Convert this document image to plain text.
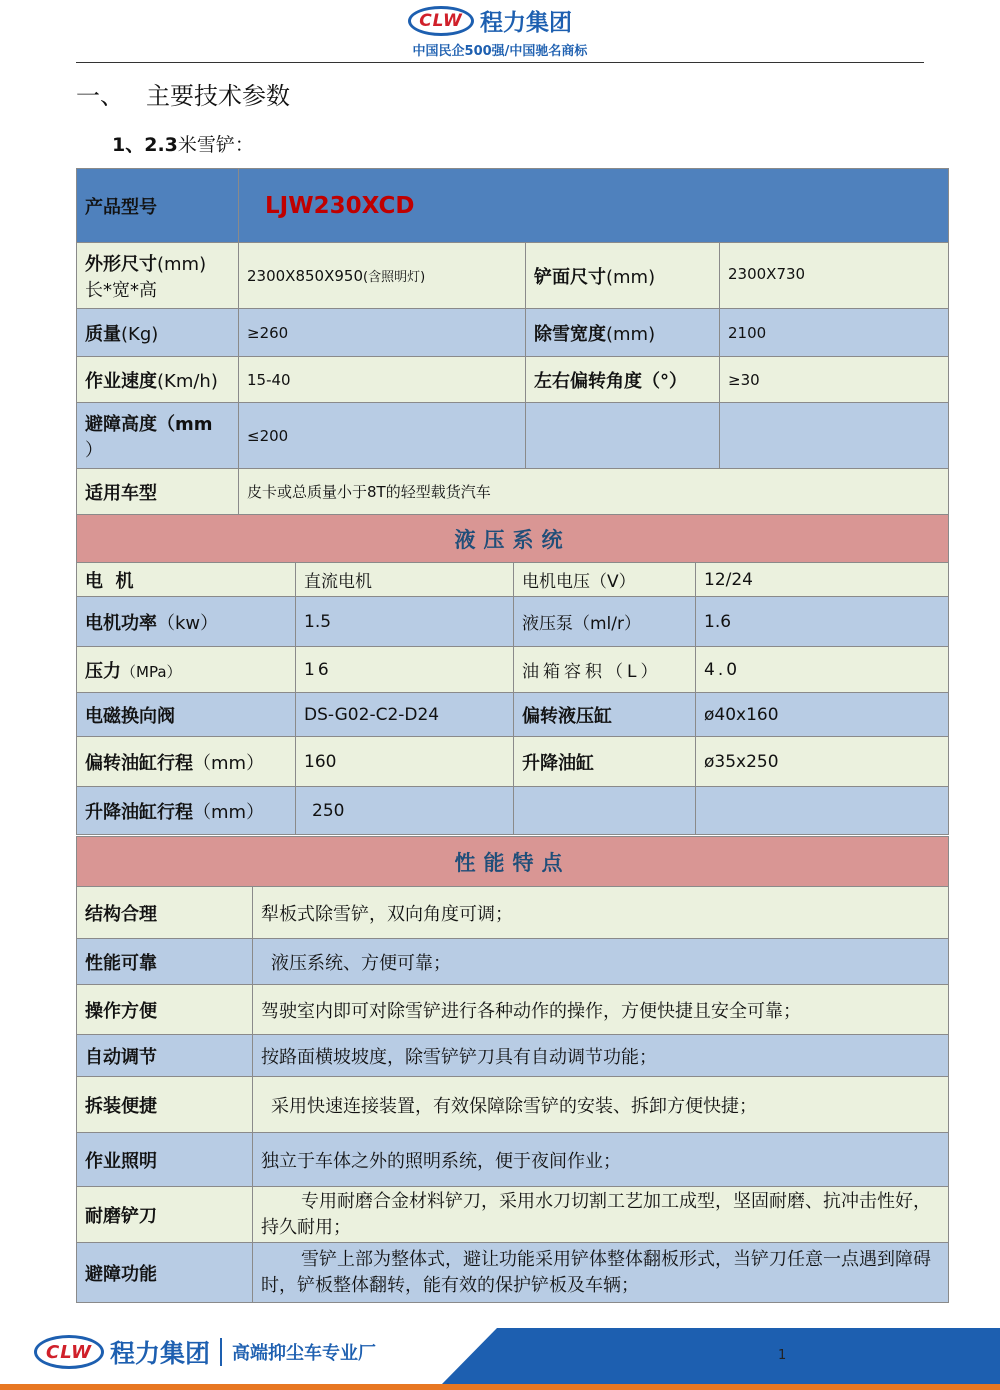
CLW 程力集团
中国民企500强/中国驰名商标
一、 主要技术参数
1、2.3米雪铲：
产品型号	LJW230XCD		
外形尺寸(mm)
长*宽*高	2300X850X950(含照明灯)	铲面尺寸(mm)	2300X730
质量(Kg)	≥260	除雪宽度(mm)	2100
作业速度(Km/h)	15-40	左右偏转角度（°）	≥30
避障高度（mm
）	≤200		
适用车型	皮卡或总质量小于8T的轻型载货汽车		
液压系统			
电  机	直流电机	电机电压（V）	12/24
电机功率（kw）	1.5	液压泵（ml/r）	1.6
压力（MPa）	16	油箱容积（L）	4.0
电磁换向阀	DS-G02-C2-D24	偏转液压缸	ø40x160
偏转油缸行程（mm）	160	升降油缸	ø35x250
升降油缸行程（mm）	250		
性能特点	
结构合理	犁板式除雪铲，双向角度可调；
性能可靠	液压系统、方便可靠；
操作方便	驾驶室内即可对除雪铲进行各种动作的操作，方便快捷且安全可靠；
自动调节	按路面横坡坡度，除雪铲铲刀具有自动调节功能；
拆装便捷	采用快速连接装置，有效保障除雪铲的安装、拆卸方便快捷；
作业照明	独立于车体之外的照明系统，便于夜间作业；
耐磨铲刀	专用耐磨合金材料铲刀，采用水刀切割工艺加工成型，坚固耐磨、抗冲击性好，持久耐用；
避障功能	雪铲上部为整体式，避让功能采用铲体整体翻板形式，当铲刀任意一点遇到障碍时，铲板整体翻转，能有效的保护铲板及车辆；
CLW 程力集团 高端抑尘车专业厂	1
